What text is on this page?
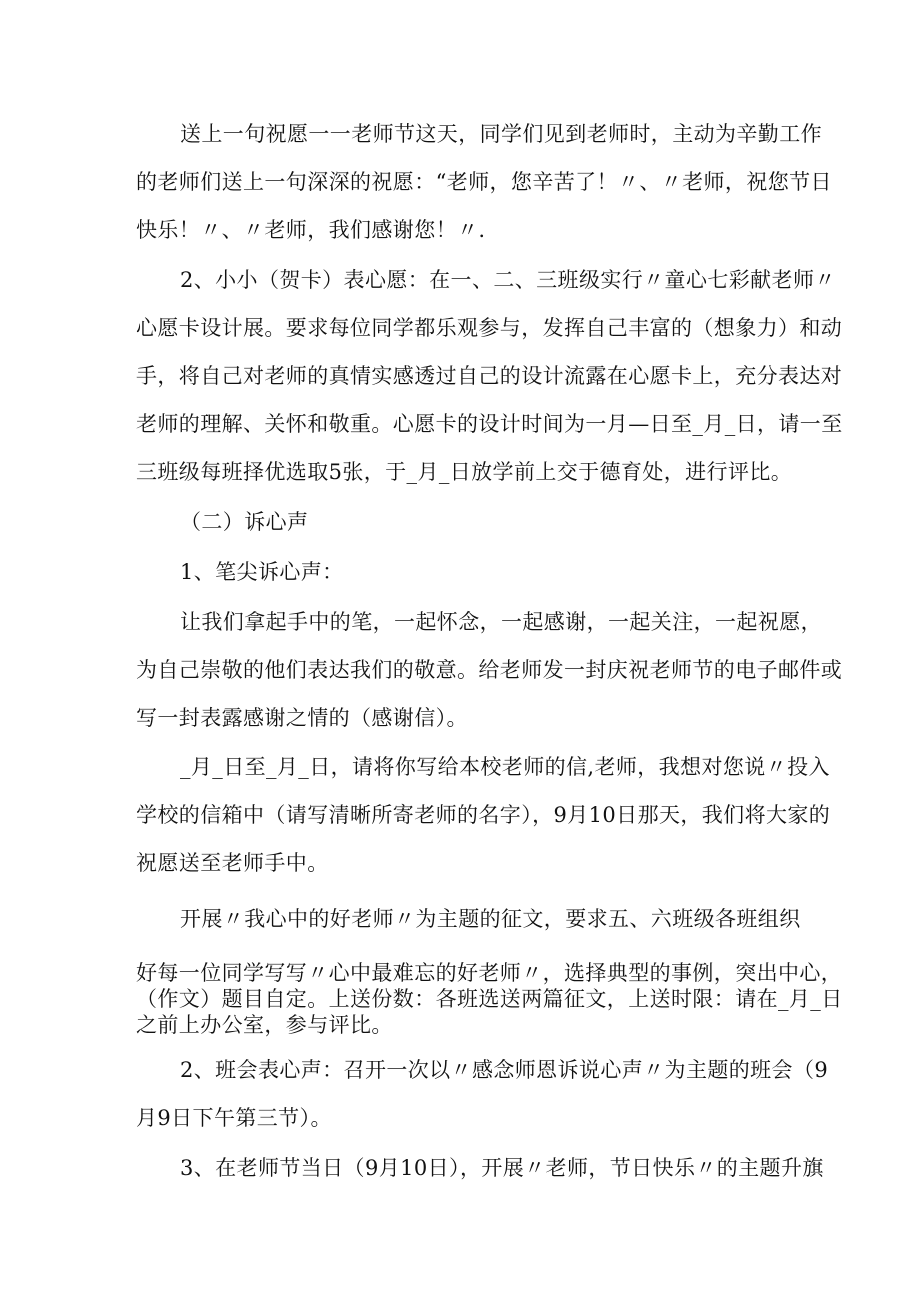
送上一句祝愿一一老师节这天，同学们见到老师时，主动为辛勤工作
的老师们送上一句深深的祝愿：“老师，您辛苦了！〃、〃老师，祝您节日
快乐！〃、〃老师，我们感谢您！〃.
2、小小（贺卡）表心愿：在一、二、三班级实行〃童心七彩献老师〃
心愿卡设计展。要求每位同学都乐观参与，发挥自己丰富的（想象力）和动
手，将自己对老师的真情实感透过自己的设计流露在心愿卡上，充分表达对
老师的理解、关怀和敬重。心愿卡的设计时间为一月—日至_月_日，请一至
三班级每班择优选取5张，于_月_日放学前上交于德育处，进行评比。
（二）诉心声
1、笔尖诉心声：
让我们拿起手中的笔，一起怀念，一起感谢，一起关注，一起祝愿，
为自己崇敬的他们表达我们的敬意。给老师发一封庆祝老师节的电子邮件或
写一封表露感谢之情的（感谢信）。
_月_日至_月_日，请将你写给本校老师的信,老师，我想对您说〃投入
学校的信箱中（请写清晰所寄老师的名字），9月10日那天，我们将大家的
祝愿送至老师手中。
开展〃我心中的好老师〃为主题的征文，要求五、六班级各班组织
好每一位同学写写〃心中最难忘的好老师〃，选择典型的事例，突出中心，
（作文）题目自定。上送份数：各班选送两篇征文，上送时限：请在_月_日
之前上办公室，参与评比。
2、班会表心声：召开一次以〃感念师恩诉说心声〃为主题的班会（9
月9日下午第三节）。
3、在老师节当日（9月10日），开展〃老师，节日快乐〃的主题升旗
